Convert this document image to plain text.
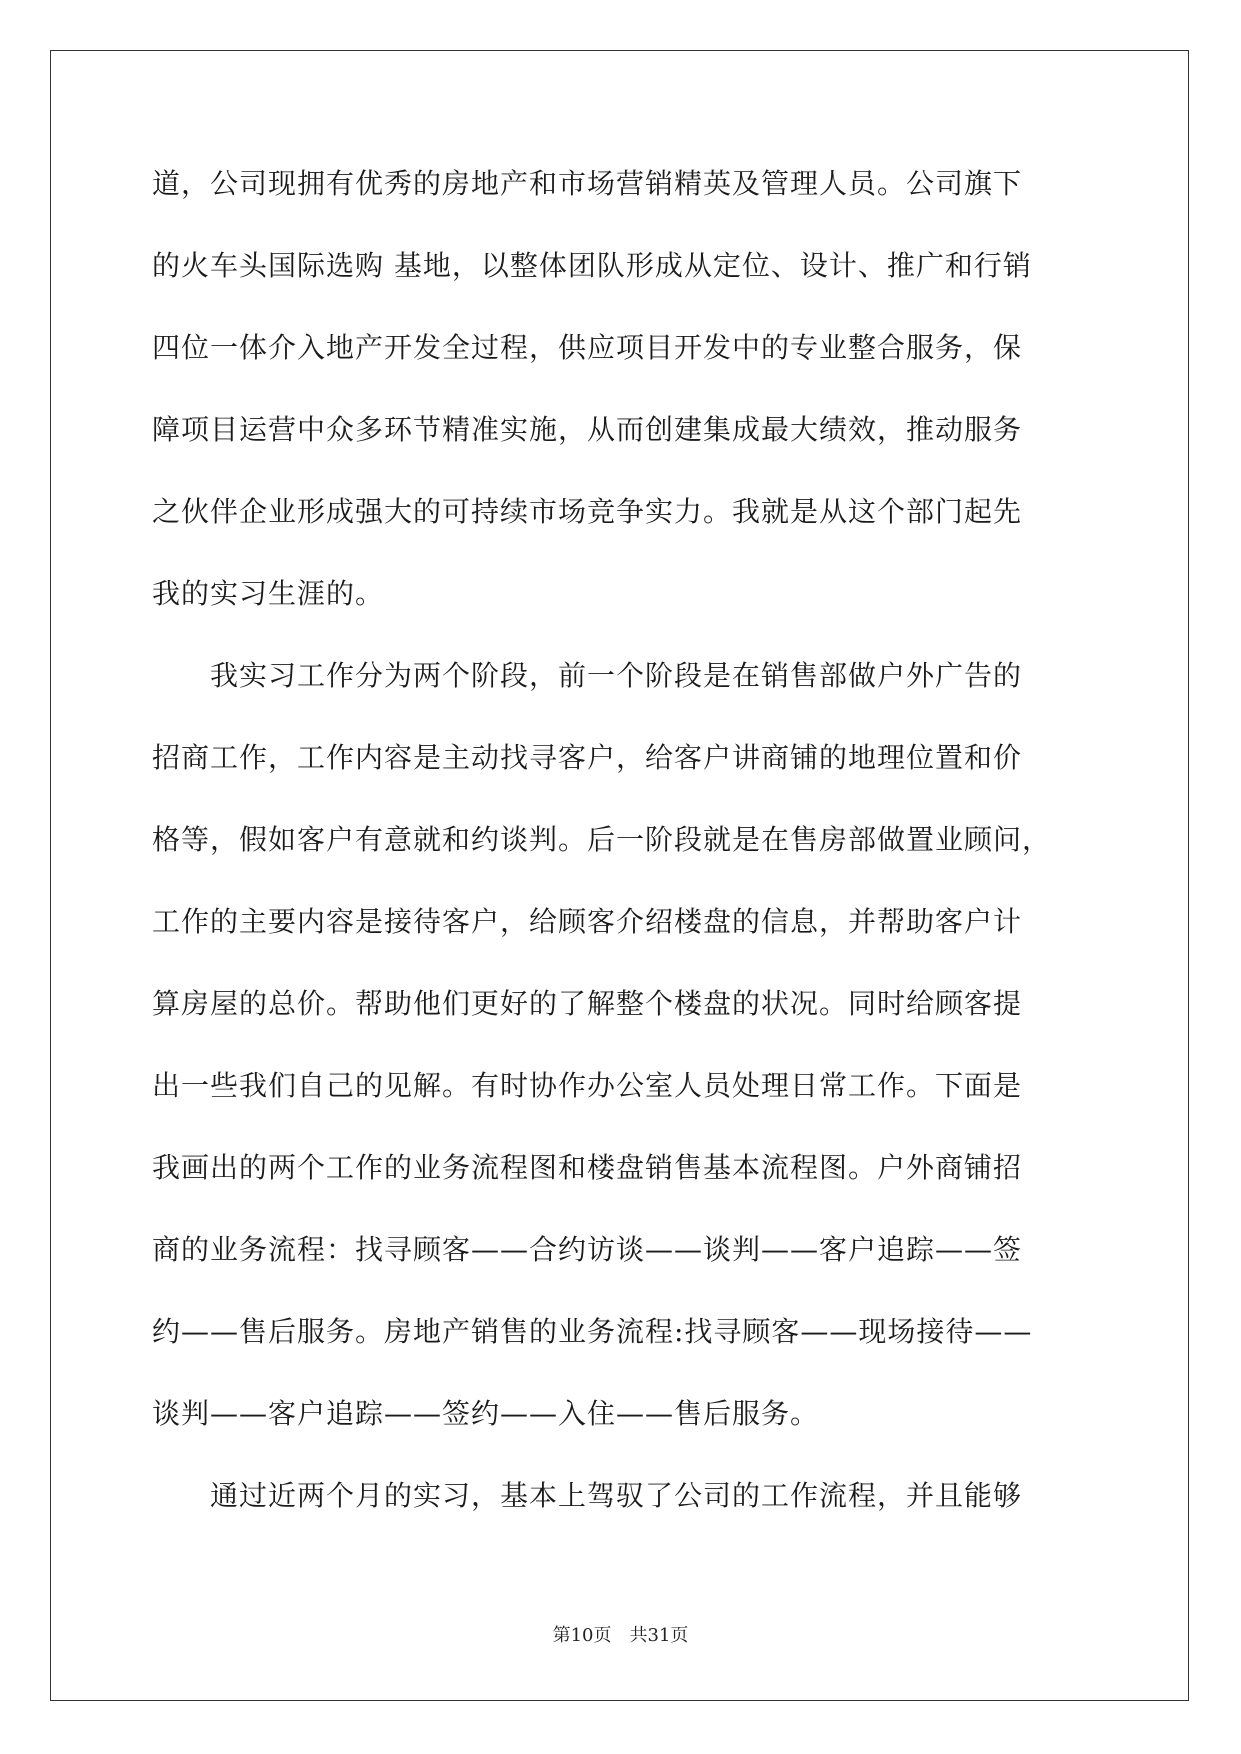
道，公司现拥有优秀的房地产和市场营销精英及管理人员。公司旗下
的火车头国际选购 基地，以整体团队形成从定位、设计、推广和行销
四位一体介入地产开发全过程，供应项目开发中的专业整合服务，保
障项目运营中众多环节精准实施，从而创建集成最大绩效，推动服务
之伙伴企业形成强大的可持续市场竞争实力。我就是从这个部门起先
我的实习生涯的。
我实习工作分为两个阶段，前一个阶段是在销售部做户外广告的
招商工作，工作内容是主动找寻客户，给客户讲商铺的地理位置和价
格等，假如客户有意就和约谈判。后一阶段就是在售房部做置业顾问，
工作的主要内容是接待客户，给顾客介绍楼盘的信息，并帮助客户计
算房屋的总价。帮助他们更好的了解整个楼盘的状况。同时给顾客提
出一些我们自己的见解。有时协作办公室人员处理日常工作。下面是
我画出的两个工作的业务流程图和楼盘销售基本流程图。户外商铺招
商的业务流程：找寻顾客——合约访谈——谈判——客户追踪——签
约——售后服务。房地产销售的业务流程:找寻顾客——现场接待——
谈判——客户追踪——签约——入住——售后服务。
通过近两个月的实习，基本上驾驭了公司的工作流程，并且能够
第10页 共31页
